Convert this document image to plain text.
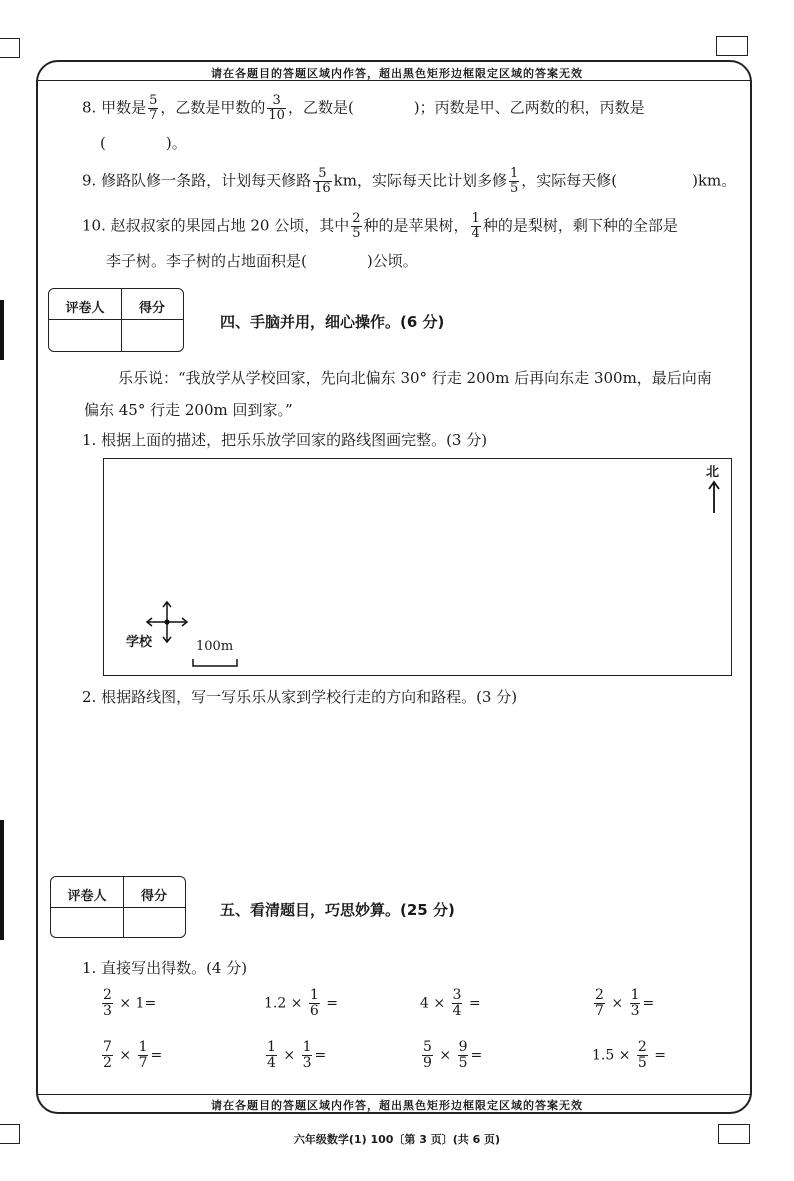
请在各题目的答题区域内作答，超出黑色矩形边框限定区域的答案无效
8. 甲数是 $\frac{5}{7}$ ，乙数是甲数的 $\frac{3}{10}$ ，乙数是(　　　　)；丙数是甲、乙两数的积，丙数是
(　　　　)。
9. 修路队修一条路，计划每天修路 $\frac{5}{16}$ km，实际每天比计划多修 $\frac{1}{5}$ ，实际每天修(　　　　　)km。
10. 赵叔叔家的果园占地 20 公顷，其中 $\frac{2}{5}$ 种的是苹果树， $\frac{1}{4}$ 种的是梨树，剩下种的全部是
李子树。李子树的占地面积是(　　　　)公顷。
评卷人	得分
四、手脑并用，细心操作。(6 分)
乐乐说：“我放学从学校回家，先向北偏东 30° 行走 200m 后再向东走 300m，最后向南
偏东 45° 行走 200m 回到家。”
1. 根据上面的描述，把乐乐放学回家的路线图画完整。(3 分)
北
学校	100m
2. 根据路线图，写一写乐乐从家到学校行走的方向和路程。(3 分)
评卷人	得分
五、看清题目，巧思妙算。(25 分)
1. 直接写出得数。(4 分)
$\frac{2}{3} \times 1=$	$1.2 \times \frac{1}{6}$ =	$4 \times \frac{3}{4}$ =	$\frac{2}{7} \times \frac{1}{3}$ =
$\frac{7}{2} \times \frac{1}{7}$ =	$\frac{1}{4} \times \frac{1}{3}$ =	$\frac{5}{9} \times \frac{9}{5}$ =	$1.5 \times \frac{2}{5}$ =
请在各题目的答题区域内作答，超出黑色矩形边框限定区域的答案无效
六年级数学(1) 100〔第 3 页〕(共 6 页)
